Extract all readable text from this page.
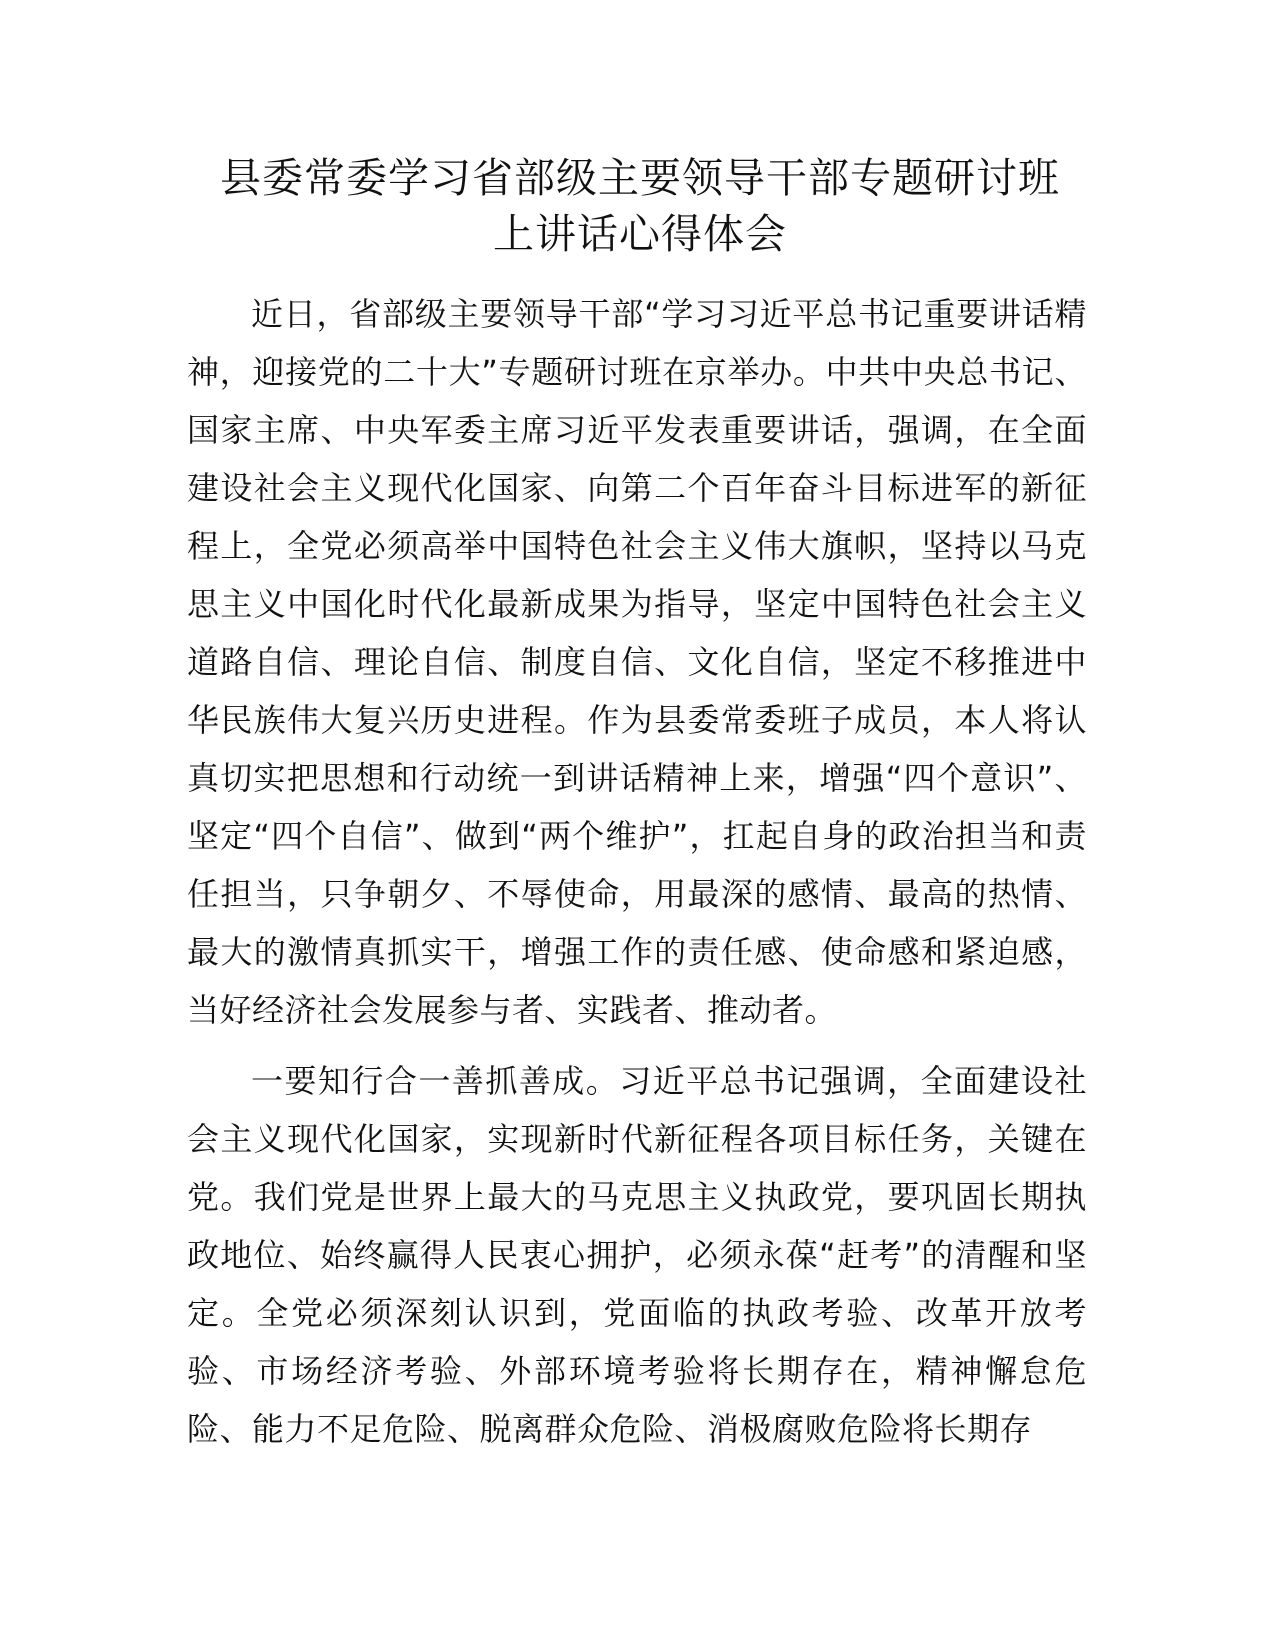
县委常委学习省部级主要领导干部专题研讨班
上讲话心得体会

近日，省部级主要领导干部“学习习近平总书记重要讲话精神，迎接党的二十大”专题研讨班在京举办。中共中央总书记、国家主席、中央军委主席习近平发表重要讲话，强调，在全面建设社会主义现代化国家、向第二个百年奋斗目标进军的新征程上，全党必须高举中国特色社会主义伟大旗帜，坚持以马克思主义中国化时代化最新成果为指导，坚定中国特色社会主义道路自信、理论自信、制度自信、文化自信，坚定不移推进中华民族伟大复兴历史进程。作为县委常委班子成员，本人将认真切实把思想和行动统一到讲话精神上来，增强“四个意识”、坚定“四个自信”、做到“两个维护”，扛起自身的政治担当和责任担当，只争朝夕、不辱使命，用最深的感情、最高的热情、最大的激情真抓实干，增强工作的责任感、使命感和紧迫感，当好经济社会发展参与者、实践者、推动者。

一要知行合一善抓善成。习近平总书记强调，全面建设社会主义现代化国家，实现新时代新征程各项目标任务，关键在党。我们党是世界上最大的马克思主义执政党，要巩固长期执政地位、始终赢得人民衷心拥护，必须永葆“赶考”的清醒和坚定。全党必须深刻认识到，党面临的执政考验、改革开放考验、市场经济考验、外部环境考验将长期存在，精神懈怠危险、能力不足危险、脱离群众危险、消极腐败危险将长期存
